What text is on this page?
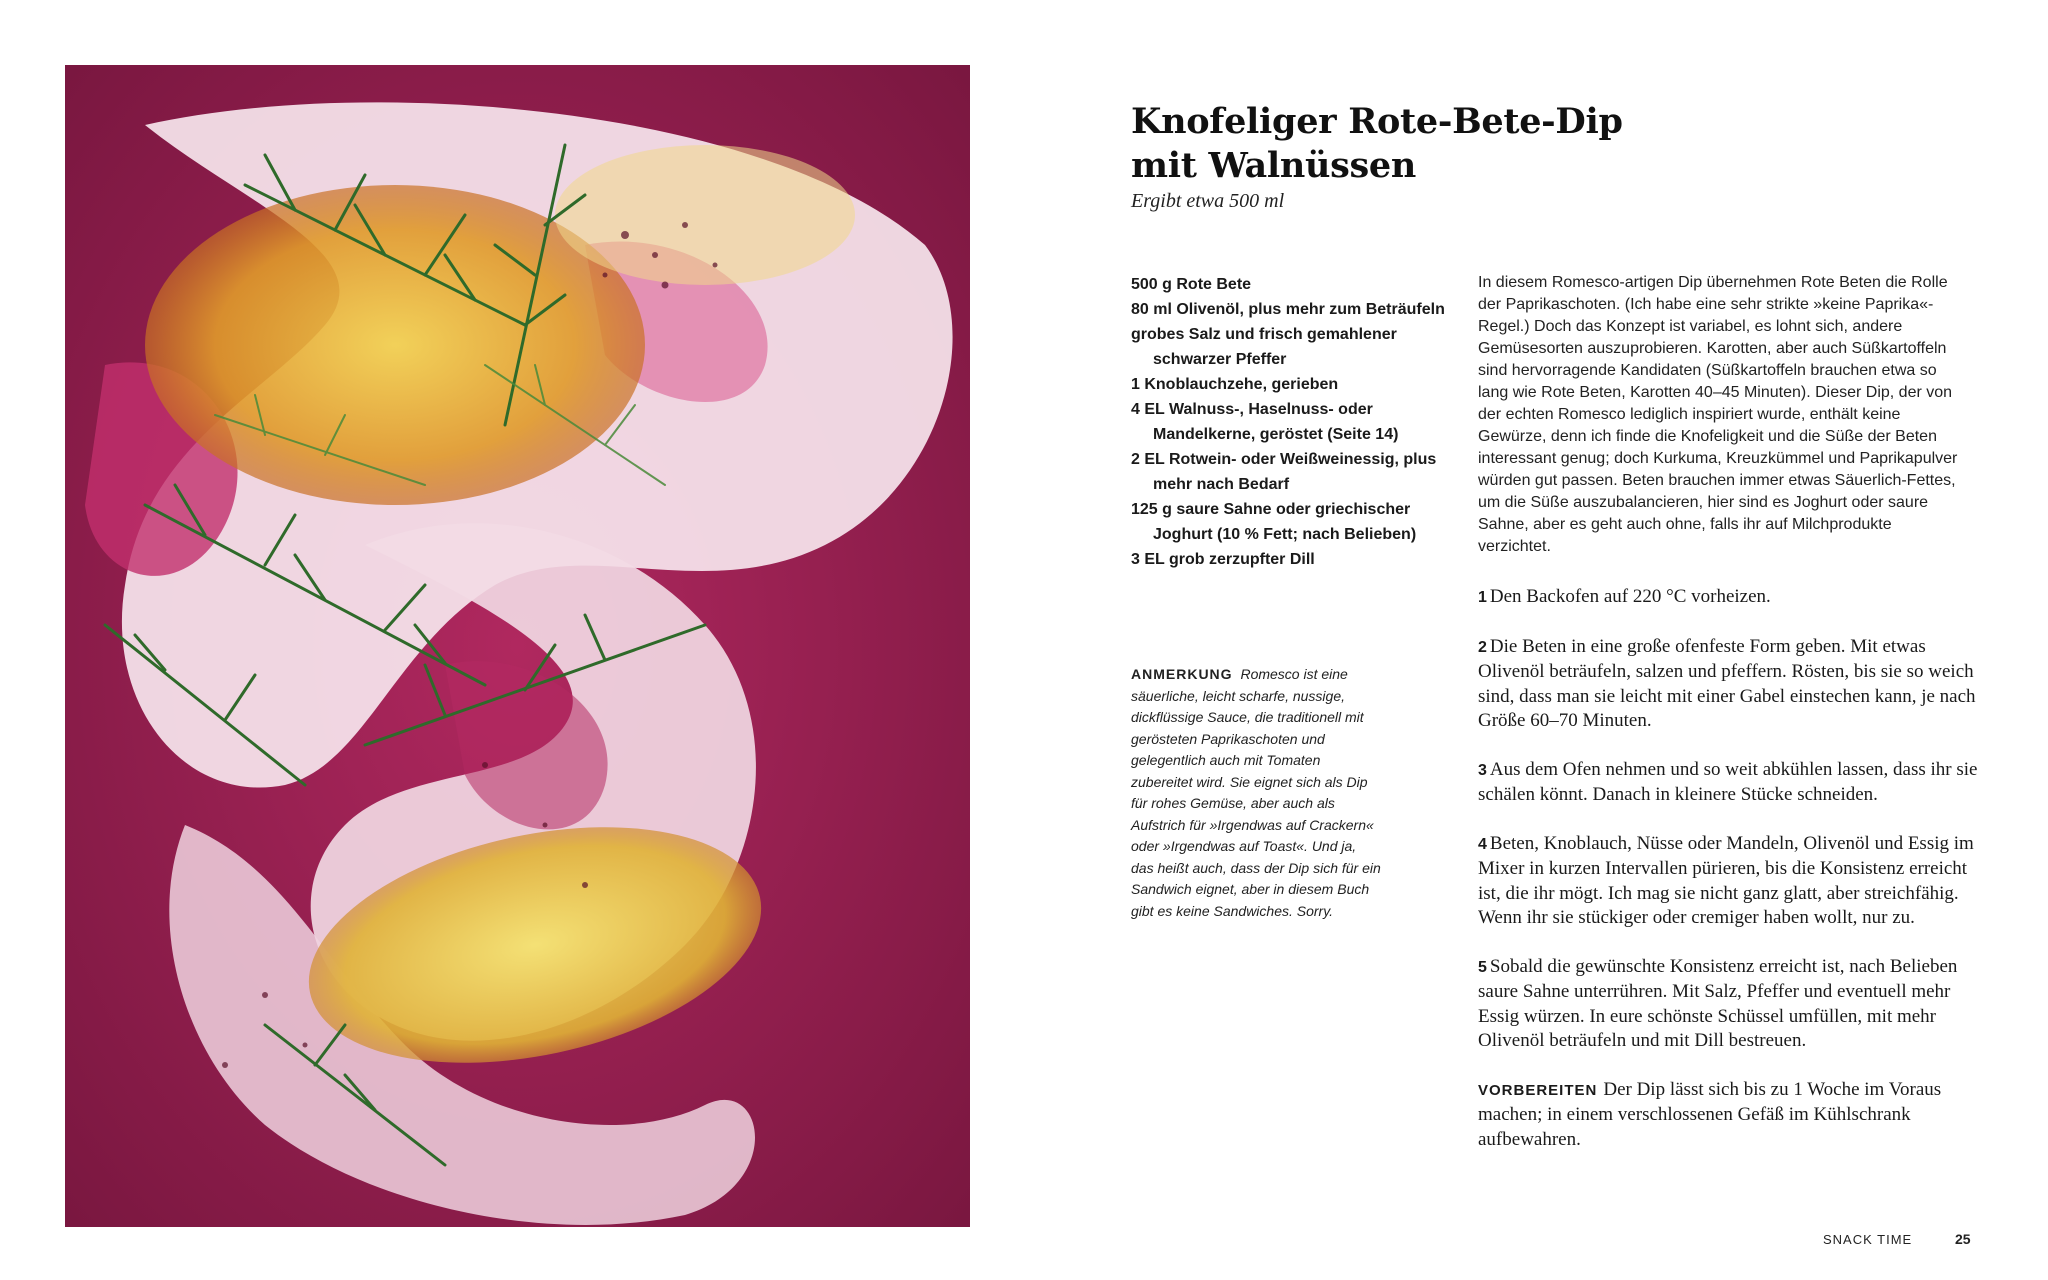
Knofeliger Rote-Bete-Dip
mit Walnüssen
Ergibt etwa 500 ml
500 g Rote Bete
80 ml Olivenöl, plus mehr zum Beträufeln
grobes Salz und frisch gemahlener schwarzer Pfeffer
1 Knoblauchzehe, gerieben
4 EL Walnuss-, Haselnuss- oder Mandelkerne, geröstet (Seite 14)
2 EL Rotwein- oder Weißweinessig, plus mehr nach Bedarf
125 g saure Sahne oder griechischer Joghurt (10 % Fett; nach Belieben)
3 EL grob zerzupfter Dill

ANMERKUNG Romesco ist eine säuerliche, leicht scharfe, nussige, dickflüssige Sauce, die traditionell mit gerösteten Paprikaschoten und gelegentlich auch mit Tomaten zubereitet wird. Sie eignet sich als Dip für rohes Gemüse, aber auch als Aufstrich für »Irgendwas auf Crackern« oder »Irgendwas auf Toast«. Und ja, das heißt auch, dass der Dip sich für ein Sandwich eignet, aber in diesem Buch gibt es keine Sandwiches. Sorry.

In diesem Romesco-artigen Dip übernehmen Rote Beten die Rolle der Paprikaschoten. (Ich habe eine sehr strikte »keine Paprika«-Regel.) Doch das Konzept ist variabel, es lohnt sich, andere Gemüsesorten auszuprobieren. Karotten, aber auch Süßkartoffeln sind hervorragende Kandidaten (Süßkartoffeln brauchen etwa so lang wie Rote Beten, Karotten 40–45 Minuten). Dieser Dip, der von der echten Romesco lediglich inspiriert wurde, enthält keine Gewürze, denn ich finde die Knofeligkeit und die Süße der Beten interessant genug; doch Kurkuma, Kreuzkümmel und Paprikapulver würden gut passen. Beten brauchen immer etwas Säuerlich-Fettes, um die Süße auszubalancieren, hier sind es Joghurt oder saure Sahne, aber es geht auch ohne, falls ihr auf Milchprodukte verzichtet.

1 Den Backofen auf 220 °C vorheizen.

2 Die Beten in eine große ofenfeste Form geben. Mit etwas Olivenöl beträufeln, salzen und pfeffern. Rösten, bis sie so weich sind, dass man sie leicht mit einer Gabel einstechen kann, je nach Größe 60–70 Minuten.

3 Aus dem Ofen nehmen und so weit abkühlen lassen, dass ihr sie schälen könnt. Danach in kleinere Stücke schneiden.

4 Beten, Knoblauch, Nüsse oder Mandeln, Olivenöl und Essig im Mixer in kurzen Intervallen pürieren, bis die Konsistenz erreicht ist, die ihr mögt. Ich mag sie nicht ganz glatt, aber streichfähig. Wenn ihr sie stückiger oder cremiger haben wollt, nur zu.

5 Sobald die gewünschte Konsistenz erreicht ist, nach Belieben saure Sahne unterrühren. Mit Salz, Pfeffer und eventuell mehr Essig würzen. In eure schönste Schüssel umfüllen, mit mehr Olivenöl beträufeln und mit Dill bestreuen.

VORBEREITEN Der Dip lässt sich bis zu 1 Woche im Voraus machen; in einem verschlossenen Gefäß im Kühlschrank aufbewahren.

SNACK TIME	25
